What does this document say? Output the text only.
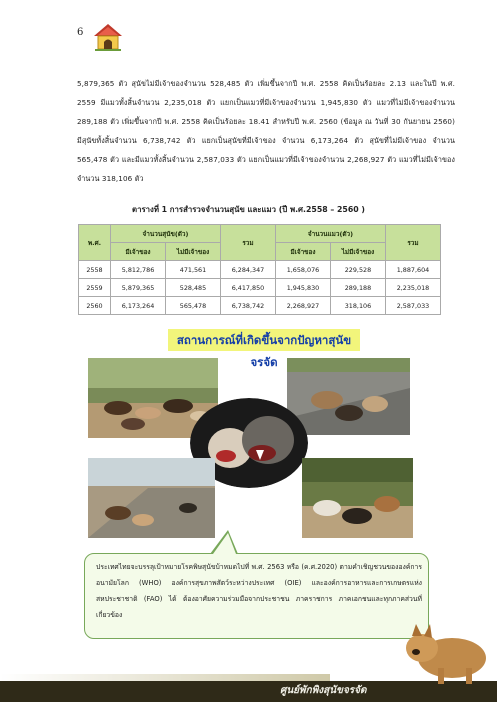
6

5,879,365 ตัว สุนัขไม่มีเจ้าของจำนวน 528,485 ตัว เพิ่มขึ้นจากปี พ.ศ. 2558 คิดเป็นร้อยละ 2.13 และในปี พ.ศ. 2559 มีแมวทั้งสิ้นจำนวน 2,235,018 ตัว แยกเป็นแมวที่มีเจ้าของจำนวน 1,945,830 ตัว แมวที่ไม่มีเจ้าของจำนวน 289,188 ตัว เพิ่มขึ้นจากปี พ.ศ. 2558 คิดเป็นร้อยละ 18.41 สำหรับปี พ.ศ. 2560 (ข้อมูล ณ วันที่ 30 กันยายน 2560) มีสุนัขทั้งสิ้นจำนวน 6,738,742 ตัว แยกเป็นสุนัขที่มีเจ้าของ จำนวน 6,173,264 ตัว สุนัขที่ไม่มีเจ้าของ จำนวน 565,478 ตัว และมีแมวทั้งสิ้นจำนวน 2,587,033 ตัว แยกเป็นแมวที่มีเจ้าของจำนวน 2,268,927 ตัว แมวที่ไม่มีเจ้าของจำนวน 318,106 ตัว

ตารางที่ 1 การสำรวจจำนวนสุนัข และแมว (ปี พ.ศ.2558 – 2560 )
พ.ศ.	จำนวนสุนัข(ตัว)		รวม	จำนวนแมว(ตัว)		รวม
	มีเจ้าของ	ไม่มีเจ้าของ		มีเจ้าของ	ไม่มีเจ้าของ	
2558	5,812,786	471,561	6,284,347	1,658,076	229,528	1,887,604
2559	5,879,365	528,485	6,417,850	1,945,830	289,188	2,235,018
2560	6,173,264	565,478	6,738,742	2,268,927	318,106	2,587,033
สถานการณ์ที่เกิดขึ้นจากปัญหาสุนัขจรจัด
ประเทศไทยจะบรรลุเป้าหมายโรคพิษสุนัขบ้าหมดไปที่ พ.ศ. 2563 หรือ (ค.ศ.2020) ตามคำเชิญชวนขององค์การอนามัยโลก (WHO) องค์การสุขภาพสัตว์ระหว่างประเทศ (OIE) และองค์การอาหารและการเกษตรแห่งสหประชาชาติ (FAO) ได้ ต้องอาศัยความร่วมมือจากประชาชน ภาคราชการ ภาคเอกชนและทุกภาคส่วนที่เกี่ยวข้อง
ศูนย์พักพิงสุนัขจรจัด
